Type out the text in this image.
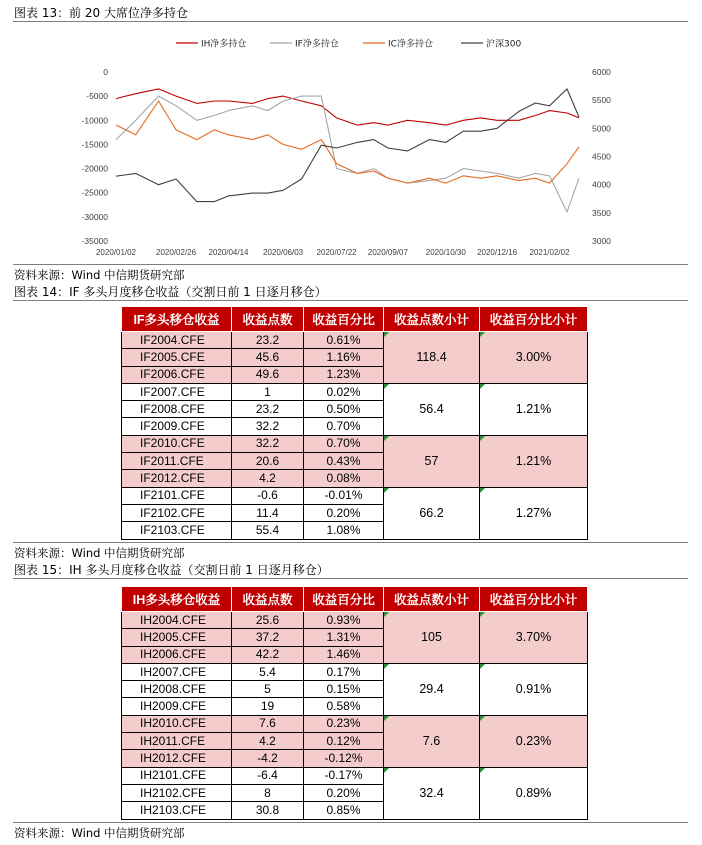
图表 13：前 20 大席位净多持仓
IH净多持仓	IF净多持仓	IC净多持仓	沪深300
0
-5000
-10000
-15000
-20000
-25000
-30000
-35000
6000
5500
5000
4500
4000
3500
3000
2020/01/02	2020/02/26 2020/04/14 2020/06/03 2020/07/22 2020/09/07 2020/10/30 2020/12/16 2021/02/02
资料来源：Wind 中信期货研究部
图表 14：IF 多头月度移仓收益（交割日前 1 日逐月移仓）
IF多头移仓收益	收益点数	收益百分比	收益点数小计	收益百分比小计
IF2004.CFE	23.2	0.61%	118.4	3.00%
IF2005.CFE	45.6	1.16%		
IF2006.CFE	49.6	1.23%		
IF2007.CFE	1	0.02%	56.4	1.21%
IF2008.CFE	23.2	0.50%		
IF2009.CFE	32.2	0.70%		
IF2010.CFE	32.2	0.70%	57	1.21%
IF2011.CFE	20.6	0.43%		
IF2012.CFE	4.2	0.08%		
IF2101.CFE	-0.6	-0.01%	66.2	1.27%
IF2102.CFE	11.4	0.20%		
IF2103.CFE	55.4	1.08%		
资料来源：Wind 中信期货研究部
图表 15：IH 多头月度移仓收益（交割日前 1 日逐月移仓）
IH多头移仓收益	收益点数	收益百分比	收益点数小计	收益百分比小计
IH2004.CFE	25.6	0.93%	105	3.70%
IH2005.CFE	37.2	1.31%		
IH2006.CFE	42.2	1.46%		
IH2007.CFE	5.4	0.17%	29.4	0.91%
IH2008.CFE	5	0.15%		
IH2009.CFE	19	0.58%		
IH2010.CFE	7.6	0.23%	7.6	0.23%
IH2011.CFE	4.2	0.12%		
IH2012.CFE	-4.2	-0.12%		
IH2101.CFE	-6.4	-0.17%	32.4	0.89%
IH2102.CFE	8	0.20%		
IH2103.CFE	30.8	0.85%		
资料来源：Wind 中信期货研究部
